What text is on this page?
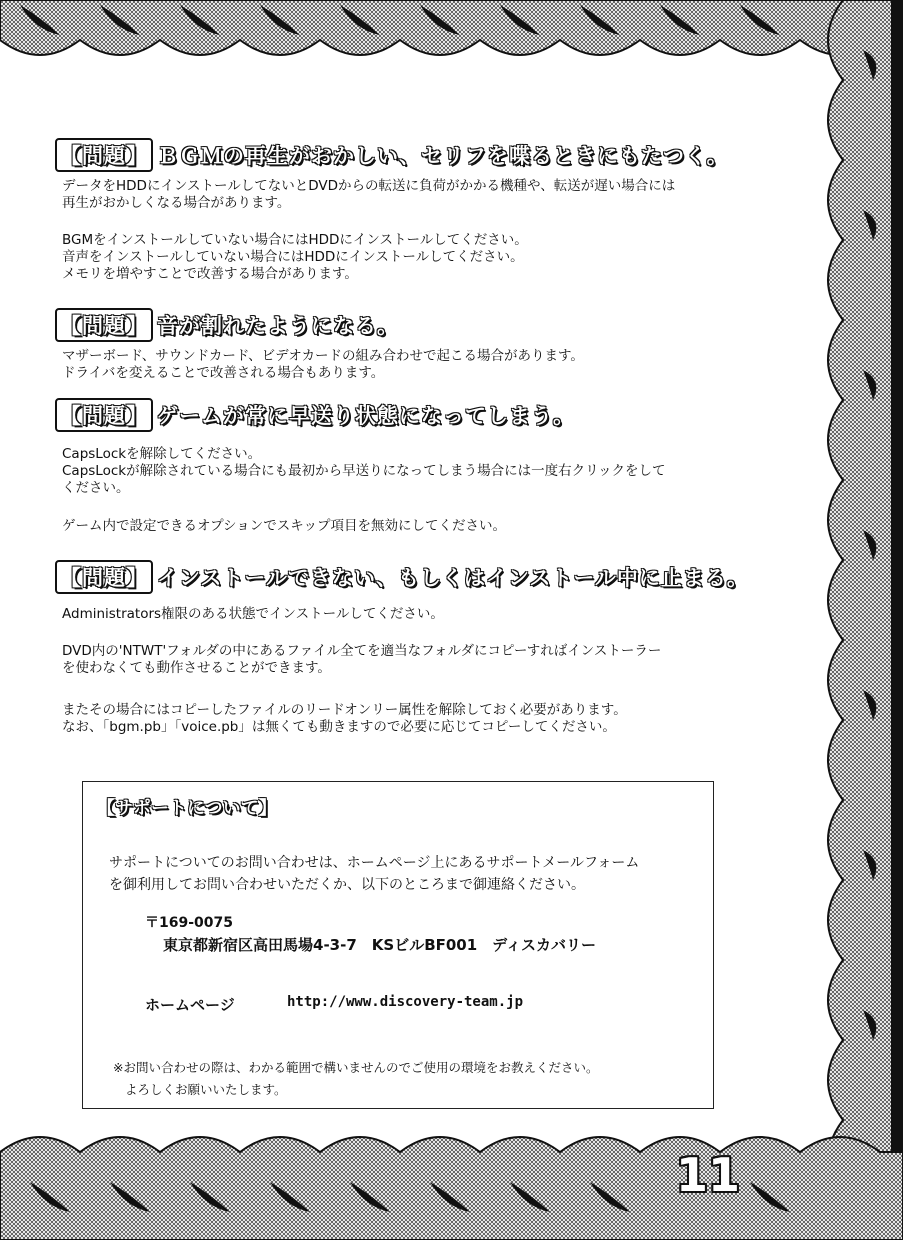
【問題】 ＢＧＭの再生がおかしい、セリフを喋るときにもたつく。
データをHDDにインストールしてないとDVDからの転送に負荷がかかる機種や、転送が遅い場合には
再生がおかしくなる場合があります。
BGMをインストールしていない場合にはHDDにインストールしてください。
音声をインストールしていない場合にはHDDにインストールしてください。
メモリを増やすことで改善する場合があります。
【問題】 音が割れたようになる。
マザーボード、サウンドカード、ビデオカードの組み合わせで起こる場合があります。
ドライバを変えることで改善される場合もあります。
【問題】 ゲームが常に早送り状態になってしまう。
CapsLockを解除してください。
CapsLockが解除されている場合にも最初から早送りになってしまう場合には一度右クリックをして
ください。
ゲーム内で設定できるオプションでスキップ項目を無効にしてください。
【問題】 インストールできない、もしくはインストール中に止まる。
Administrators権限のある状態でインストールしてください。
DVD内の'NTWT'フォルダの中にあるファイル全てを適当なフォルダにコピーすればインストーラー
を使わなくても動作させることができます。
またその場合にはコピーしたファイルのリードオンリー属性を解除しておく必要があります。
なお、「bgm.pb」「voice.pb」は無くても動きますので必要に応じてコピーしてください。
【サポートについて】
サポートについてのお問い合わせは、ホームページ上にあるサポートメールフォーム
を御利用してお問い合わせいただくか、以下のところまで御連絡ください。
〒169-0075
東京都新宿区高田馬場4-3-7　KSビルBF001　ディスカバリー
ホームページ	http://www.discovery-team.jp
※お問い合わせの際は、わかる範囲で構いませんのでご使用の環境をお教えください。
よろしくお願いいたします。
11
